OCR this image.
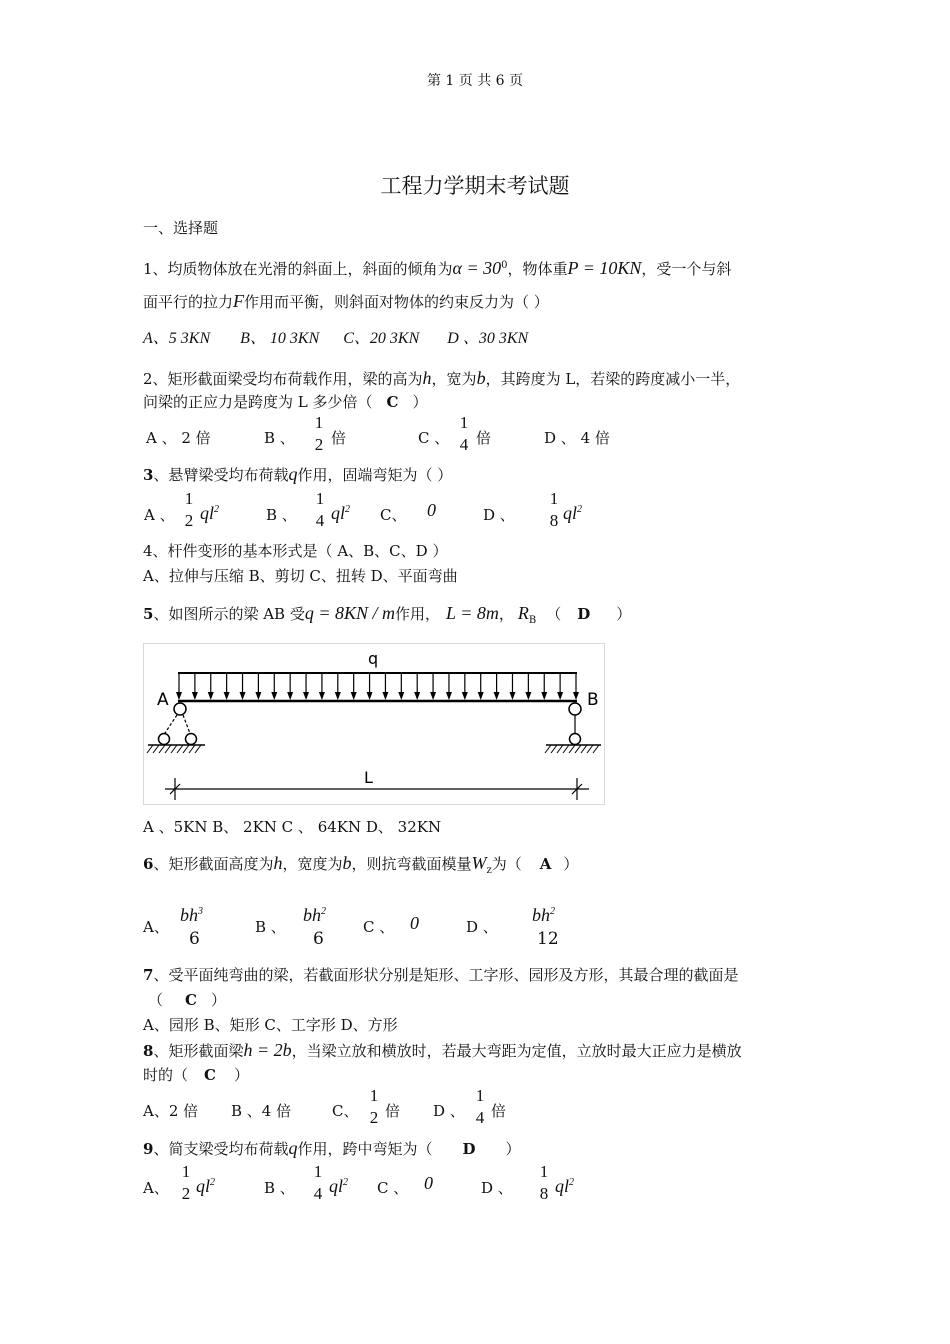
第 1 页 共 6 页
工程力学期末考试题
一、选择题
1、均质物体放在光滑的斜面上，斜面的倾角为$\alpha = 30^0$，物体重P = 10KN，受一个与斜
面平行的拉力F作用而平衡，则斜面对物体的约束反力为（ ）
A、5 3KN B、 10 3KN C、20 3KN D 、30 3KN
2、矩形截面梁受均布荷载作用，梁的高为h，宽为b，其跨度为 L，若梁的跨度减小一半，
问梁的正应力是跨度为 L 多少倍（ C ）
A 、 2 倍	B 、
1
2 倍	C 、
1
4 倍	D 、 4 倍
3、悬臂梁受均布荷载q作用，固端弯矩为（ ）
A 、
1
2 $ql^2$	B 、
1
4 $ql^2$ C、 0	D 、
1
8 $ql^2$
4、杆件变形的基本形式是（ A、B、C、D ）
A、拉伸与压缩 B、剪切 C、扭转 D、平面弯曲
5、如图所示的梁 AB 受q = 8KN / m作用， L = 8m， $R_B$ （ D ）
q
A	B
L
A 、5KN B、 2KN C 、 64KN D、 32KN
6、矩形截面高度为h，宽度为b，则抗弯截面模量$W_z$为（ A ）
A、
$bh^3$
6
B 、
$bh^2$
6
C 、 0	D 、
$bh^2$
12
7、受平面纯弯曲的梁，若截面形状分别是矩形、工字形、园形及方形，其最合理的截面是
（ C ）
A、园形 B、矩形 C、工字形 D、方形
8、矩形截面梁h = 2b，当梁立放和横放时，若最大弯距为定值，立放时最大正应力是横放
时的（ C ）
A、2 倍 B 、4 倍	C、
1
2 倍 D 、
1
4 倍
9、简支梁受均布荷载q作用，跨中弯矩为（ D ）
A、
1
2 $ql^2$	B 、
1
4 $ql^2$ C 、 0	D 、
1
8 $ql^2$
